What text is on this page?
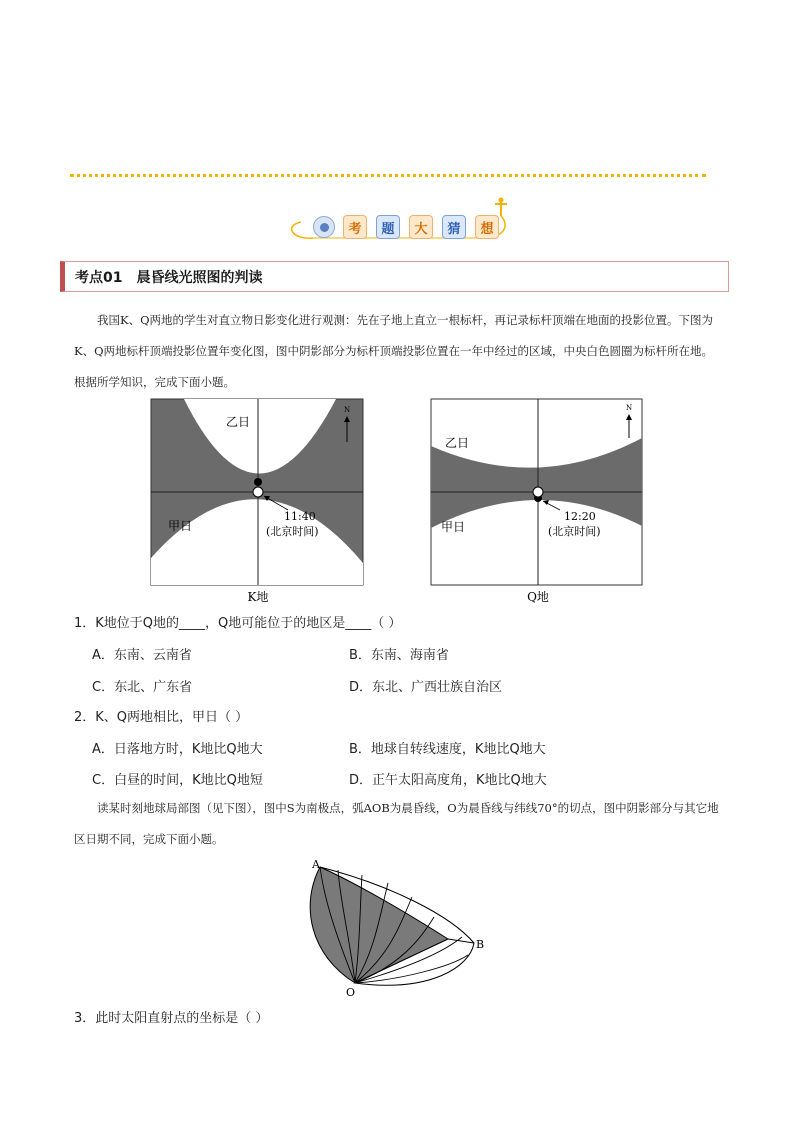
考	题	大	猜	想
考点01 晨昏线光照图的判读

我国K、Q两地的学生对直立物日影变化进行观测：先在子地上直立一根标杆，再记录标杆顶端在地面的投影位置。下图为K、Q两地标杆顶端投影位置年变化图，图中阴影部分为标杆顶端投影位置在一年中经过的区域，中央白色圆圈为标杆所在地。根据所学知识，完成下面小题。

N
乙日
甲日
11:40
(北京时间)
K地
N
乙日
甲日
12:20
(北京时间)
Q地
1．K地位于Q地的____，Q地可能位于的地区是____（ ）
A．东南、云南省	B．东南、海南省
C．东北、广东省	D．东北、广西壮族自治区
2．K、Q两地相比，甲日（ ）
A．日落地方时，K地比Q地大	B．地球自转线速度，K地比Q地大
C．白昼的时间，K地比Q地短	D．正午太阳高度角，K地比Q地大

读某时刻地球局部图（见下图），图中S为南极点，弧AOB为晨昏线，O为晨昏线与纬线70°的切点，图中阴影部分与其它地区日期不同，完成下面小题。

A
B
O
3．此时太阳直射点的坐标是（ ）
